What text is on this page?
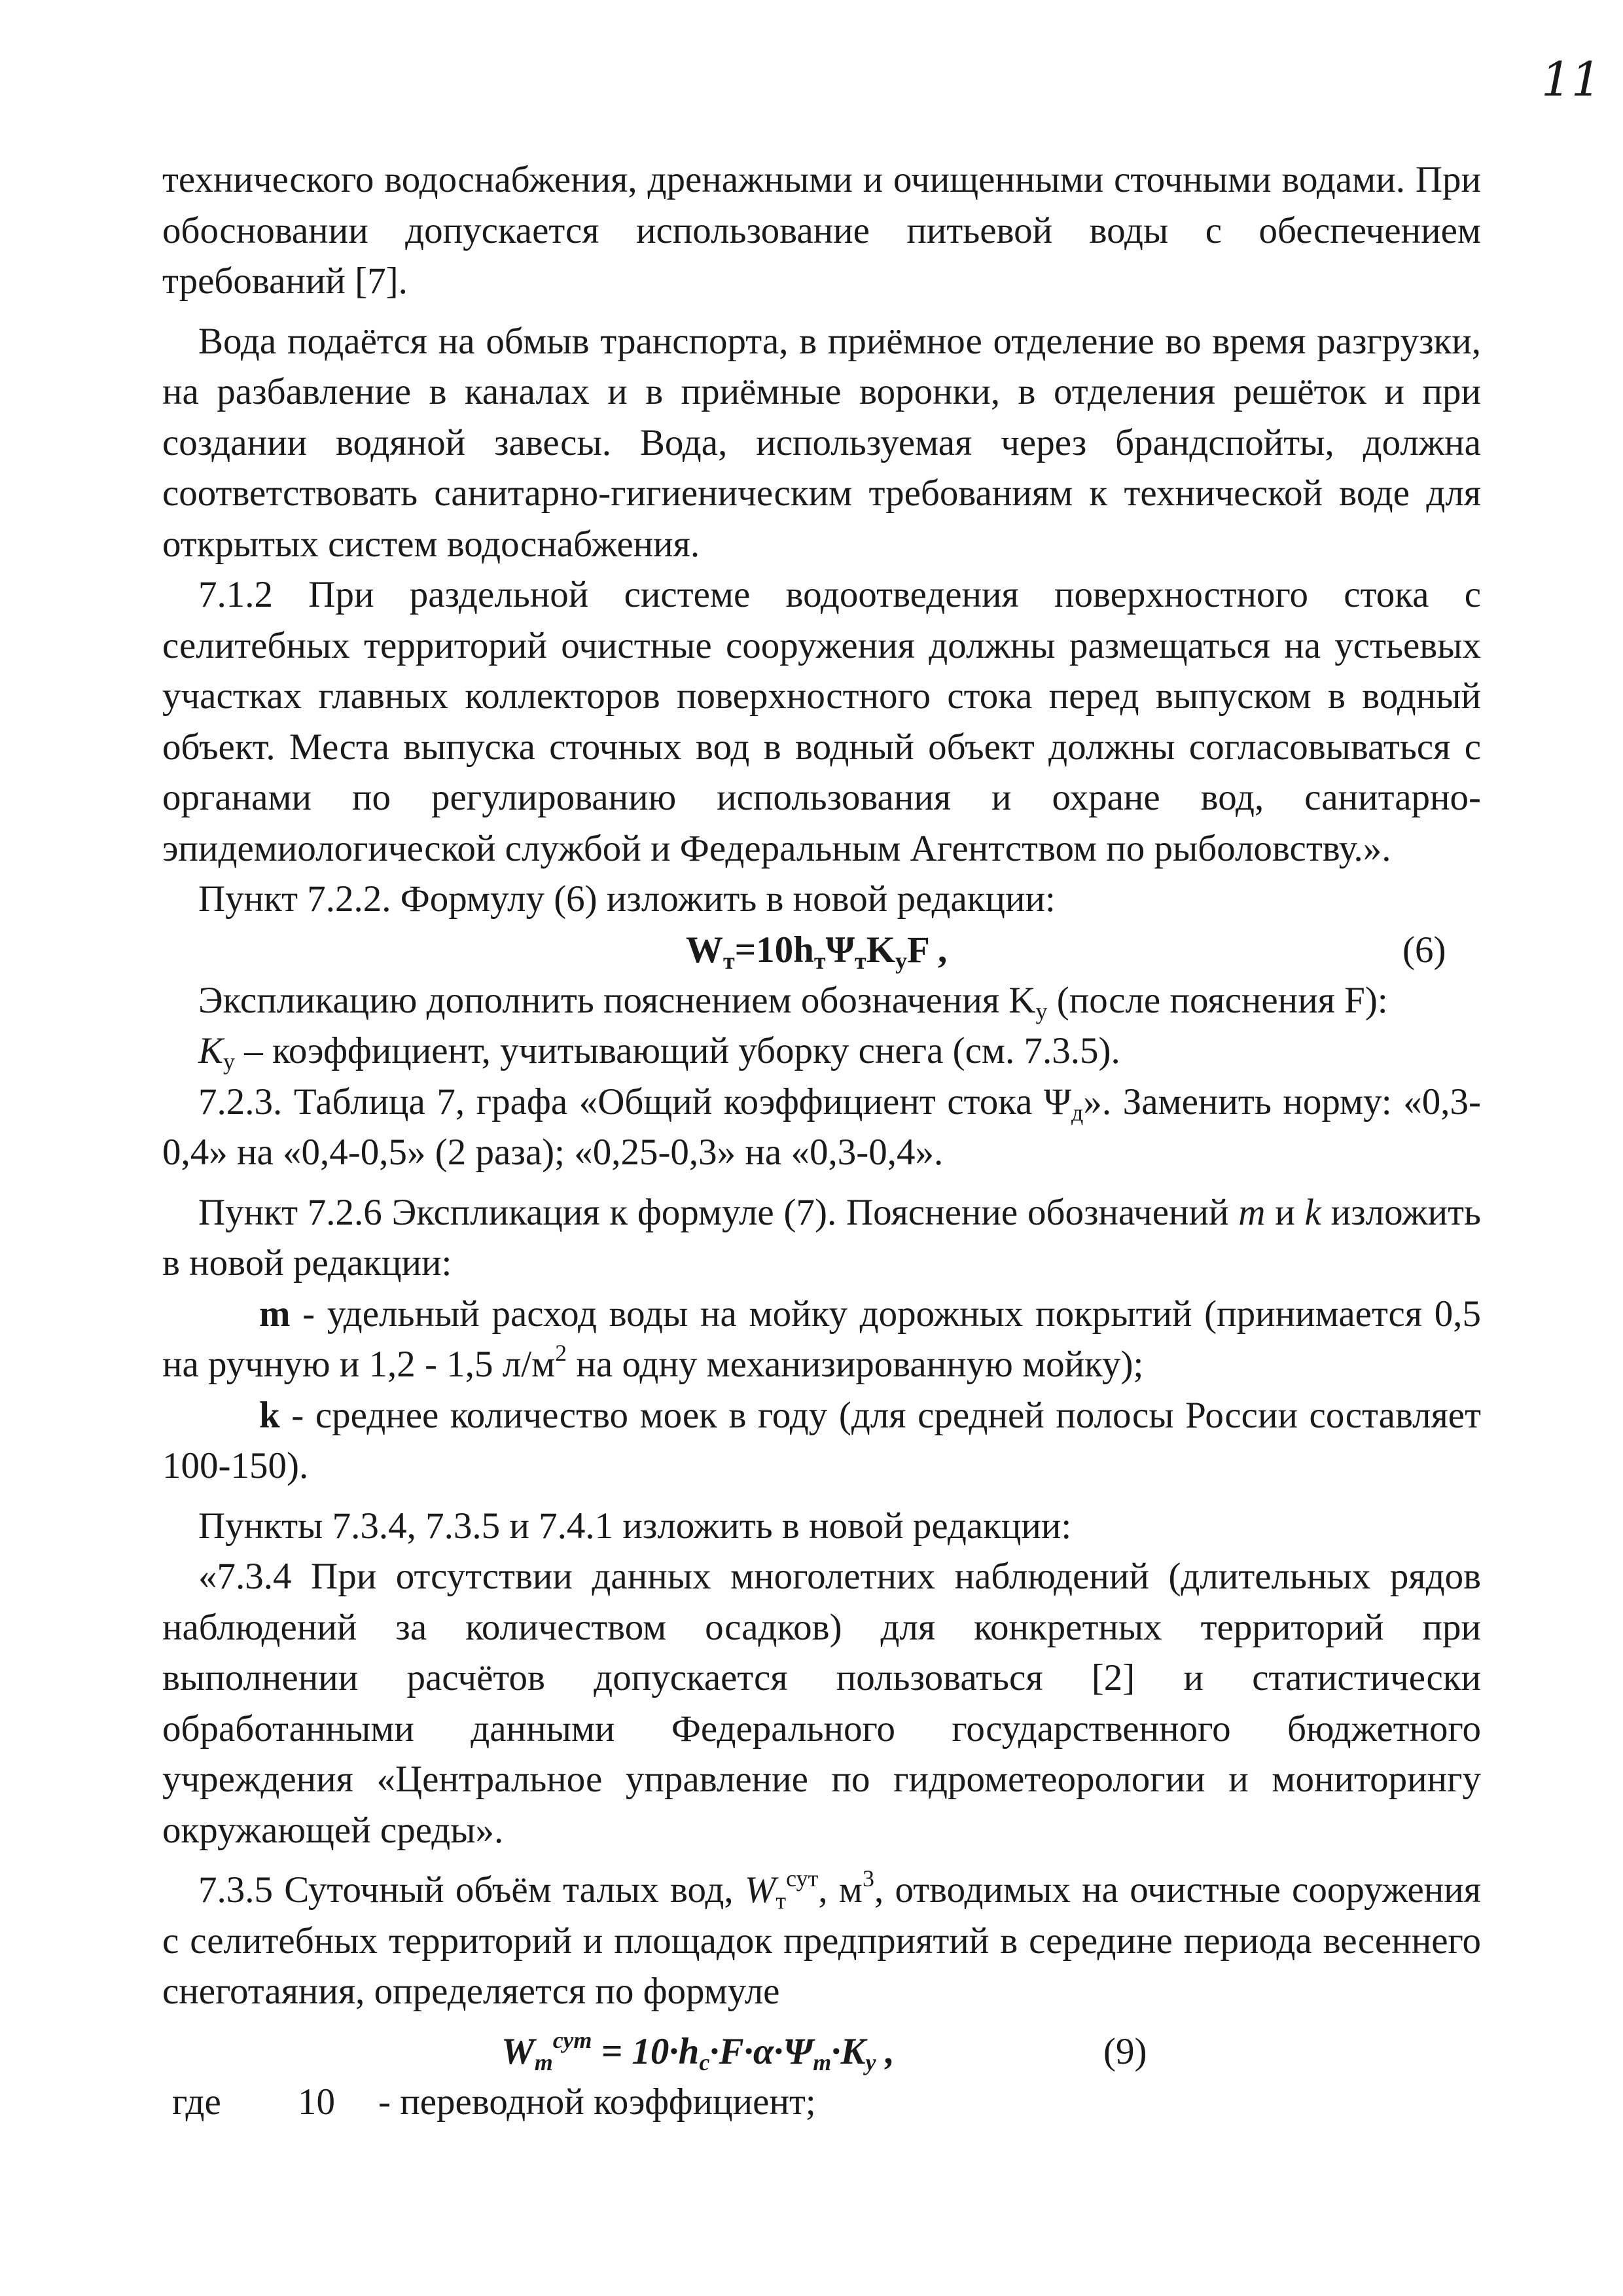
11

технического водоснабжения, дренажными и очищенными сточными водами. При обосновании допускается использование питьевой воды с обеспечением требований [7].

Вода подаётся на обмыв транспорта, в приёмное отделение во время разгрузки, на разбавление в каналах и в приёмные воронки, в отделения решёток и при создании водяной завесы. Вода, используемая через брандспойты, должна соответствовать санитарно-гигиеническим требованиям к технической воде для открытых систем водоснабжения.

7.1.2 При раздельной системе водоотведения поверхностного стока с селитебных территорий очистные сооружения должны размещаться на устьевых участках главных коллекторов поверхностного стока перед выпуском в водный объект. Места выпуска сточных вод в водный объект должны согласовываться с органами по регулированию использования и охране вод, санитарно-эпидемиологической службой и Федеральным Агентством по рыболовству.».

Пункт 7.2.2. Формулу (6) изложить в новой редакции:

$W_т=10h_т\Psi_тK_уF$ ,	(6)

Экспликацию дополнить пояснением обозначения $K_у$ (после пояснения F):

$K_у$ – коэффициент, учитывающий уборку снега (см. 7.3.5).

7.2.3. Таблица 7, графа «Общий коэффициент стока $\Psi_д$». Заменить норму: «0,3-0,4» на «0,4-0,5» (2 раза); «0,25-0,3» на «0,3-0,4».

Пункт 7.2.6 Экспликация к формуле (7). Пояснение обозначений m и k изложить в новой редакции:

m - удельный расход воды на мойку дорожных покрытий (принимается 0,5 на ручную и 1,2 - 1,5 $л/м^2$ на одну механизированную мойку);

k - среднее количество моек в году (для средней полосы России составляет 100-150).

Пункты 7.3.4, 7.3.5 и 7.4.1 изложить в новой редакции:

«7.3.4 При отсутствии данных многолетних наблюдений (длительных рядов наблюдений за количеством осадков) для конкретных территорий при выполнении расчётов допускается пользоваться [2] и статистически обработанными данными Федерального государственного бюджетного учреждения «Центральное управление по гидрометеорологии и мониторингу окружающей среды».

7.3.5 Суточный объём талых вод, $W_т^{сут}$, $м^3$, отводимых на очистные сооружения с селитебных территорий и площадок предприятий в середине периода весеннего снеготаяния, определяется по формуле

$W_т^{сут} = 10\cdot h_с\cdot F\cdot\alpha\cdot\Psi_т\cdot K_у$ ,	(9)
где 10 - переводной коэффициент;
